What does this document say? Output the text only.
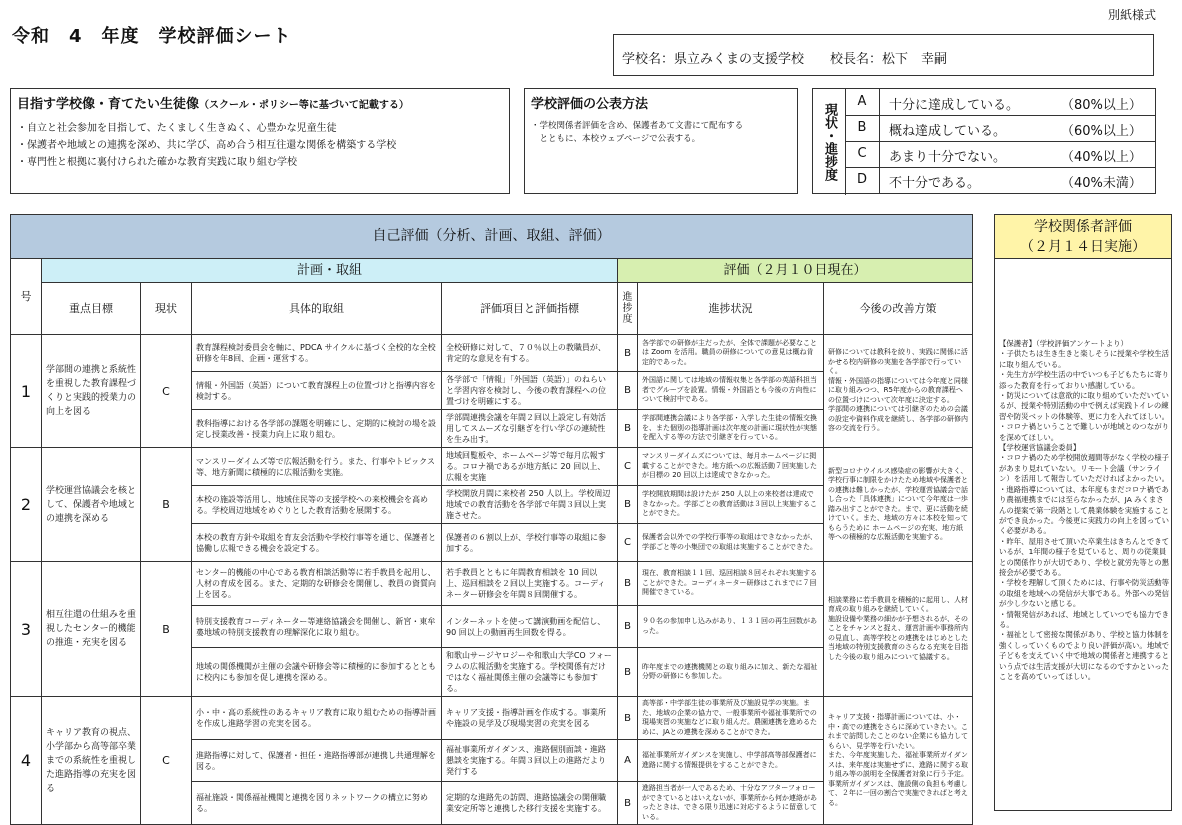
令和　4　年度　学校評価シート
別紙様式
学校名：県立みくまの支援学校　　校長名：松下　幸嗣
目指す学校像・育てたい生徒像（スクール・ポリシー等に基づいて記載する）
・自立と社会参加を目指して、たくましく生きぬく、心豊かな児童生徒
・保護者や地域との連携を深め、共に学び、高め合う相互往還な関係を構築する学校
・専門性と根拠に裏付けられた確かな教育実践に取り組む学校
学校評価の公表方法
・学校関係者評価を含め、保護者あて文書にて配布する
　とともに、本校ウェブページで公表する。	現状・進捗度
A	十分に達成している。	（80%以上）
B	概ね達成している。	（60%以上）
C	あまり十分でない。	（40%以上）
D	不十分である。	（40%未満）
自己評価（分析、計画、取組、評価）							
号	計画・取組				評価（２月１０日現在）		
	重点目標	現状	具体的取組	評価項目と評価指標	進捗度	進捗状況	今後の改善方策
1	学部間の連携と系統性を重視した教育課程づくりと実践的授業力の向上を図る	C	教育課程検討委員会を軸に、PDCA サイクルに基づく全校的な全校研修を年8回、企画・運営する。	全校研修に対して、７０％以上の教職員が、肯定的な意見を有する。	B	各学部での研修が主だったが、全体で課題が必要なことは Zoom を活用。職員の研修についての意見は概ね肯定的であった。	研修については教科を絞り、実践に関係に活かせる校内研修の実施を各学部で行っていく。
情報・外国語の指導については今年度と同様に取り組みつつ、R5年度からの教育課程への位置づけについて次年度に決定する。
学部間の連携については引継ぎのための会議の設定や資料作成を継続し、各学部の研修内容の交流を行う。
			情報・外国語（英語）について教育課程上の位置づけと指導内容を検討する。	各学部で「情報」「外国語（英語）」のねらいと学習内容を検討し、今後の教育課程への位置づけを明確にする。	B	外国語に関しては地域の情報収集と各学部の英語科担当者でグループを設置。情報・外国語とも今後の方向性について検討中である。	
			教科指導における各学部の課題を明確にし、定期的に検討の場を設定し授業改善・授業力向上に取り組む。	学部間連携会議を年間２回以上設定し有効活用してスムーズな引継ぎを行い学びの連続性を生み出す。	B	学部間連携会議により各学部・入学した生徒の情報交換を、また個別の指導計画は次年度の計画に現状性が実態を配入する等の方法で引継ぎを行っている。	
2	学校運営協議会を核として、保護者や地域との連携を深める	B	マンスリーダイムズ等で広報活動を行う。また、行事やトピックス等、地方新聞に積極的に広報活動を実施。	地域回覧板や、ホームページ等で毎月広報する。コロナ禍であるが地方紙に 20 回以上、広報を実施	C	マンスリーダイムズについては、毎月ホームページに掲載することができた。地方紙への広報活動７回実施したが目標の 20 回以上は達成できなかった。	新型コロナウイルス感染症の影響が大きく、学校行事に制限をかけたため地域や保護者との連携は難しかったが、学校運営協議会で話し合った「具体連携」について今年度は一歩踏み出すことができた。まで、更に活動を続けていく。また、地域の方々に本校を知ってもらうために ホームページの充実、地方紙等への積極的な広報活動を実施する。
			本校の施設等活用し、地域住民等の支援学校への来校機会を高める。学校周辺地域をめぐりとした教育活動を展開する。	学校開放月間に来校者 250 人以上。学校周辺地域での教育活動を各学部で年間３回以上実施させた。	B	学校開放期間は設けたが 250 人以上の来校者は達成できなかった。学部ごとの教育活動は３回以上実施することができた。	
			本校の教育方針や取組を育友会活動や学校行事等を通じ、保護者と協働し広報できる機会を設定する。	保護者の６割以上が、学校行事等の取組に参加する。	C	保護者会以外での学校行事等の取組はできなかったが、学部ごと等の小集団での取組は実施することができた。	
3	相互往還の仕組みを重視したセンター的機能の推進・充実を図る	B	センター的機能の中心である教育相談活動等に若手教員を起用し、人材の育成を図る。また、定期的な研修会を開催し、教員の資質向上を図る。	若手教員とともに年間教育相談を 10 回以上、巡回相談を２回以上実施する。コーディネーター研修会を年間８回開催する。	B	現在、教育相談１１回、巡回相談８回それぞれ実施することができた。コーディネーター研修はこれまでに７回開催できている。	相談業務に若手教員を積極的に起用し、人材育成の取り組みを継続していく。
施設设備や業務の細かが予想されるが、そのことをチャンスと捉え、運営計画や事務所内の見直し、高等学校との連携をはじめとした当地域の特別支援教育のさらなる充実を目指した今後の取り組みについて協議する。
			特別支援教育コーディネーター等連絡協議会を開催し、新宮・東牟婁地域の特別支援教育の理解深化に取り組む。	インターネットを使って講演動画を配信し、90 回以上の動画再生回数を得る。	B	９０名の参加申し込みがあり、１３１回の再生回数があった。	
			地域の関係機関が主催の会議や研修会等に積極的に参加するとともに校内にも参加を促し連携を深める。	和歌山サージヤロジーや和歌山大学CO フォーラムの広報活動を実施する。学校関係有だけではなく福祉関係主催の会議等にも参加する。	B	昨年度までの連携機関との取り組みに加え、新たな福祉分野の研修にも参加した。	
4	キャリア教育の視点、小学部から高等部卒業までの系統性を重視した進路指導の充実を図る	C	小・中・高の系統性のあるキャリア教育に取り組むための指導計画を作成し進路学習の充実を図る。	キャリア支援・指導計画を作成する。事業所や施設の見学及び現場実習の充実を図る	B	高等部・中学部生徒の事業所及び施設見学の実施。また、地域の企業の協力で、一般事業所や福祉事業所での現場実習の実施などに取り組んだ。農園連携を進めるために、JAとの連携を深めることができた。	キャリア支援・指導計画については、小・中・高での連携をさらに深めていきたい。これまで訪問したことのない企業にも協力してもらい、見学等を行いたい。
また、今年度実施した、福祉事業所ガイダンスは、来年度は実施せずに、進路に関する取り組み等の説明を全保護者対象に行う予定。
事業所ガイダンスは、施設側の負担も考慮して、２年に一回の割合で実施できればと考える。
			進路指導に対して、保護者・担任・進路指導部が連携し共通理解を図る。	福祉事業所ガイダンス、進路個別面談・進路懇談を実施する。年間３回以上の進路だより発行する	A	福祉事業所ガイダンスを実施し、中学部高等部保護者に進路に関する情報提供をすることができた。	
			福祉施設・関係福祉機関と連携を図りネットワークの構立に努める。	定期的な進路先の訪問、進路協議会の開催職業安定所等と連携した移行支援を実施する。	B	進路担当者が一人であるため、十分なアフターフォローができているとはいえないが、事業所から何か連絡があったときは、できる限り迅速に対応するように留意している。	
学校関係者評価
（２月１４日実施）
【保護者】（学校評価アンケートより）
・子供たちは生き生きと楽しそうに授業や学校生活に取り組んでいる。
・先生方が学校生活の中でいつも子どもたちに寄り添った教育を行っておりい感謝している。
・防災については意欲的に取り組めていただいているが、授業や特別活動の中で例えば実践トイレの練習や防災ベットの体験等、更に力を入れてほしい。
・コロナ禍ということで難しいが地域とのつながりを深めてほしい。
【学校運営協議会委員】
・コロナ禍のため学校開放週間等がなく学校の様子があまり見れていない。リモート会議（サンライン）を活用して報告していただければよかったい。
・進路指導については、本年度もまだコロナ禍であり農福連携までには至らなかったが、JA みくまさんの提案で第一段階として農業体験を実施することができ良かった。今後更に実践力の向上を図っていく必要がある。
・昨年、屋用させて頂いた卒業生はきちんとできているが、1年間の様子を見ていると、周りの従業員との関係作りが大切であり、学校と就労先等との懇接会が必要である。
・学校を理解して頂くためには、行事や防災活動等の取組を地域への発信が大事である。外部への発信が少し少ないと感じる。
・情報発信があれば、地域としていつでも協力できる。
・福祉として密接な関係があり、学校と協力体制を強くしっていくものでより良い評価が高い。地域で子どもを支えていく中で地域の関係者と連携するという点では生活支援が大切になるのですかといったことを高めていってほしい。
